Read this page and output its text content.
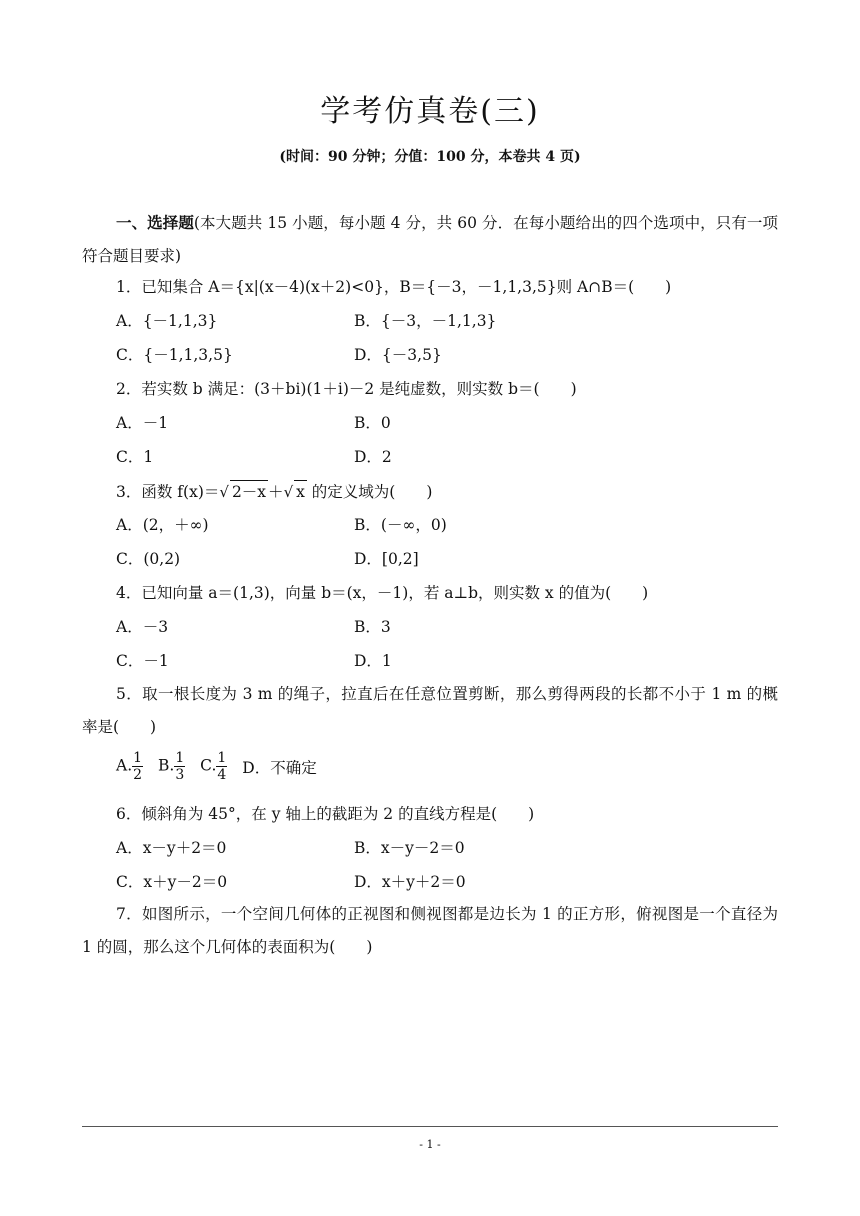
学考仿真卷(三)
(时间：90 分钟；分值：100 分，本卷共 4 页)
一、选择题(本大题共 15 小题，每小题 4 分，共 60 分．在每小题给出的四个选项中，只有一项符合题目要求)
1．已知集合 A＝{x|(x－4)(x＋2)<0}，B＝{－3，－1,1,3,5}则 A∩B＝(　　)
A．{－1,1,3}	B．{－3，－1,1,3}
C．{－1,1,3,5}	D．{－3,5}
2．若实数 b 满足：(3＋bi)(1＋i)－2 是纯虚数，则实数 b＝(　　)
A．－1	B．0
C．1	D．2
3．函数 f(x)＝√ 2－x ＋√ x 的定义域为(　　)
A．(2，＋∞)	B．(－∞，0)
C．(0,2)	D．[0,2]
4．已知向量 a＝(1,3)，向量 b＝(x，－1)，若 a⊥b，则实数 x 的值为(　　)
A．－3	B．3
C．－1	D．1
5．取一根长度为 3 m 的绳子，拉直后在任意位置剪断，那么剪得两段的长都不小于 1 m 的概率是(　　)
A. $\frac{1}{2} B$. $\frac{1}{3} C$. $\frac{1}{4}$ D．不确定
6．倾斜角为 45°，在 y 轴上的截距为 2 的直线方程是(　　)
A．x－y＋2＝0	B．x－y－2＝0
C．x＋y－2＝0	D．x＋y＋2＝0
7．如图所示，一个空间几何体的正视图和侧视图都是边长为 1 的正方形，俯视图是一个直径为 1 的圆，那么这个几何体的表面积为(　　)
- 1 -
